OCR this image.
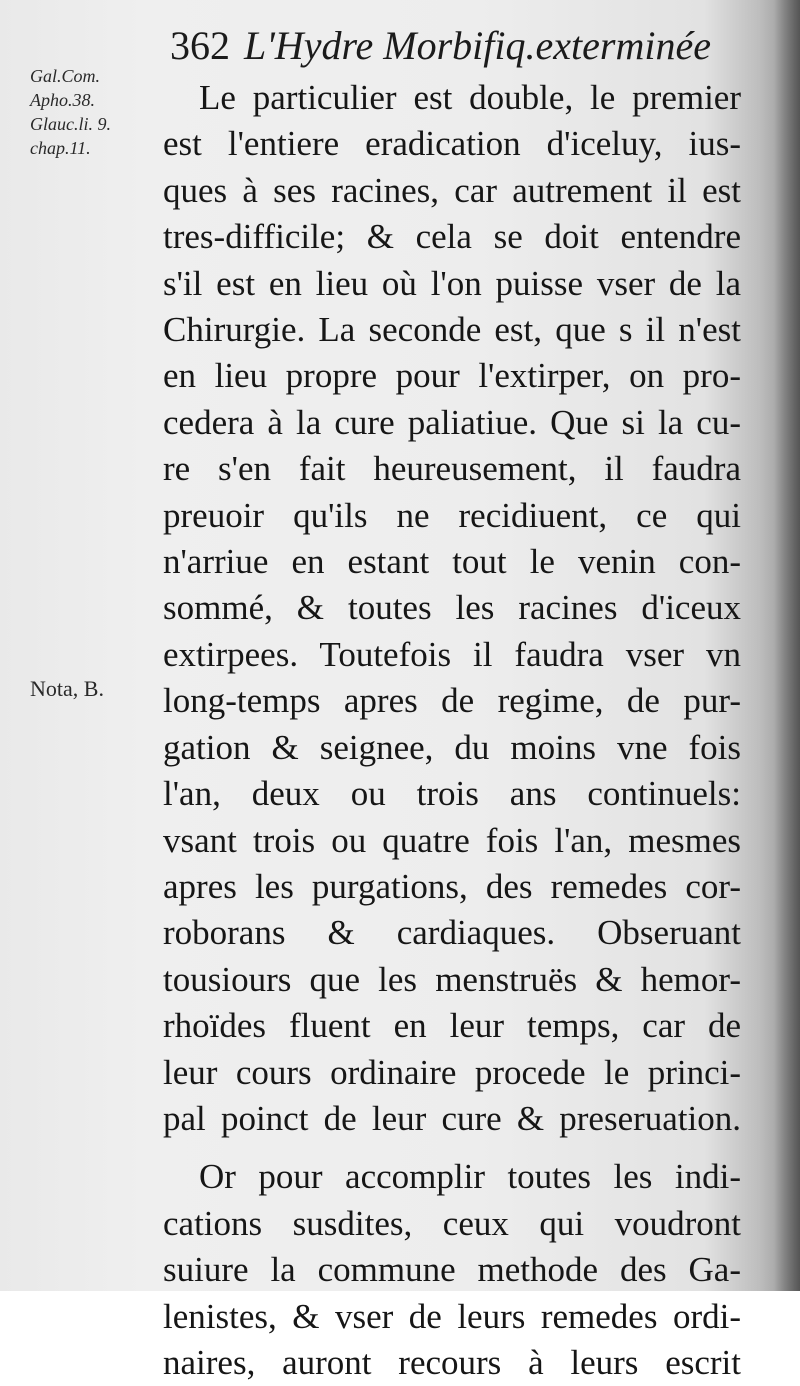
362 L'Hydre Morbifiq.exterminée
Gal.Com.
Apho.38.
Glauc.li. 9.
chap.11.
Nota, B.
Le particulier est double, le premier
est l'entiere eradication d'iceluy, ius-
ques à ses racines, car autrement il est
tres-difficile; & cela se doit entendre
s'il est en lieu où l'on puisse vser de la
Chirurgie. La seconde est, que s il n'est
en lieu propre pour l'extirper, on pro-
cedera à la cure paliatiue. Que si la cu-
re s'en fait heureusement, il faudra
preuoir qu'ils ne recidiuent, ce qui
n'arriue en estant tout le venin con-
sommé, & toutes les racines d'iceux
extirpees. Toutefois il faudra vser vn
long-temps apres de regime, de pur-
gation & seignee, du moins vne fois
l'an, deux ou trois ans continuels:
vsant trois ou quatre fois l'an, mesmes
apres les purgations, des remedes cor-
roborans & cardiaques. Obseruant
tousiours que les menstruës & hemor-
rhoïdes fluent en leur temps, car de
leur cours ordinaire procede le princi-
pal poinct de leur cure & preseruation.
Or pour accomplir toutes les indi-
cations susdites, ceux qui voudront
suiure la commune methode des Ga-
lenistes, & vser de leurs remedes ordi-
naires, auront recours à leurs escrit
